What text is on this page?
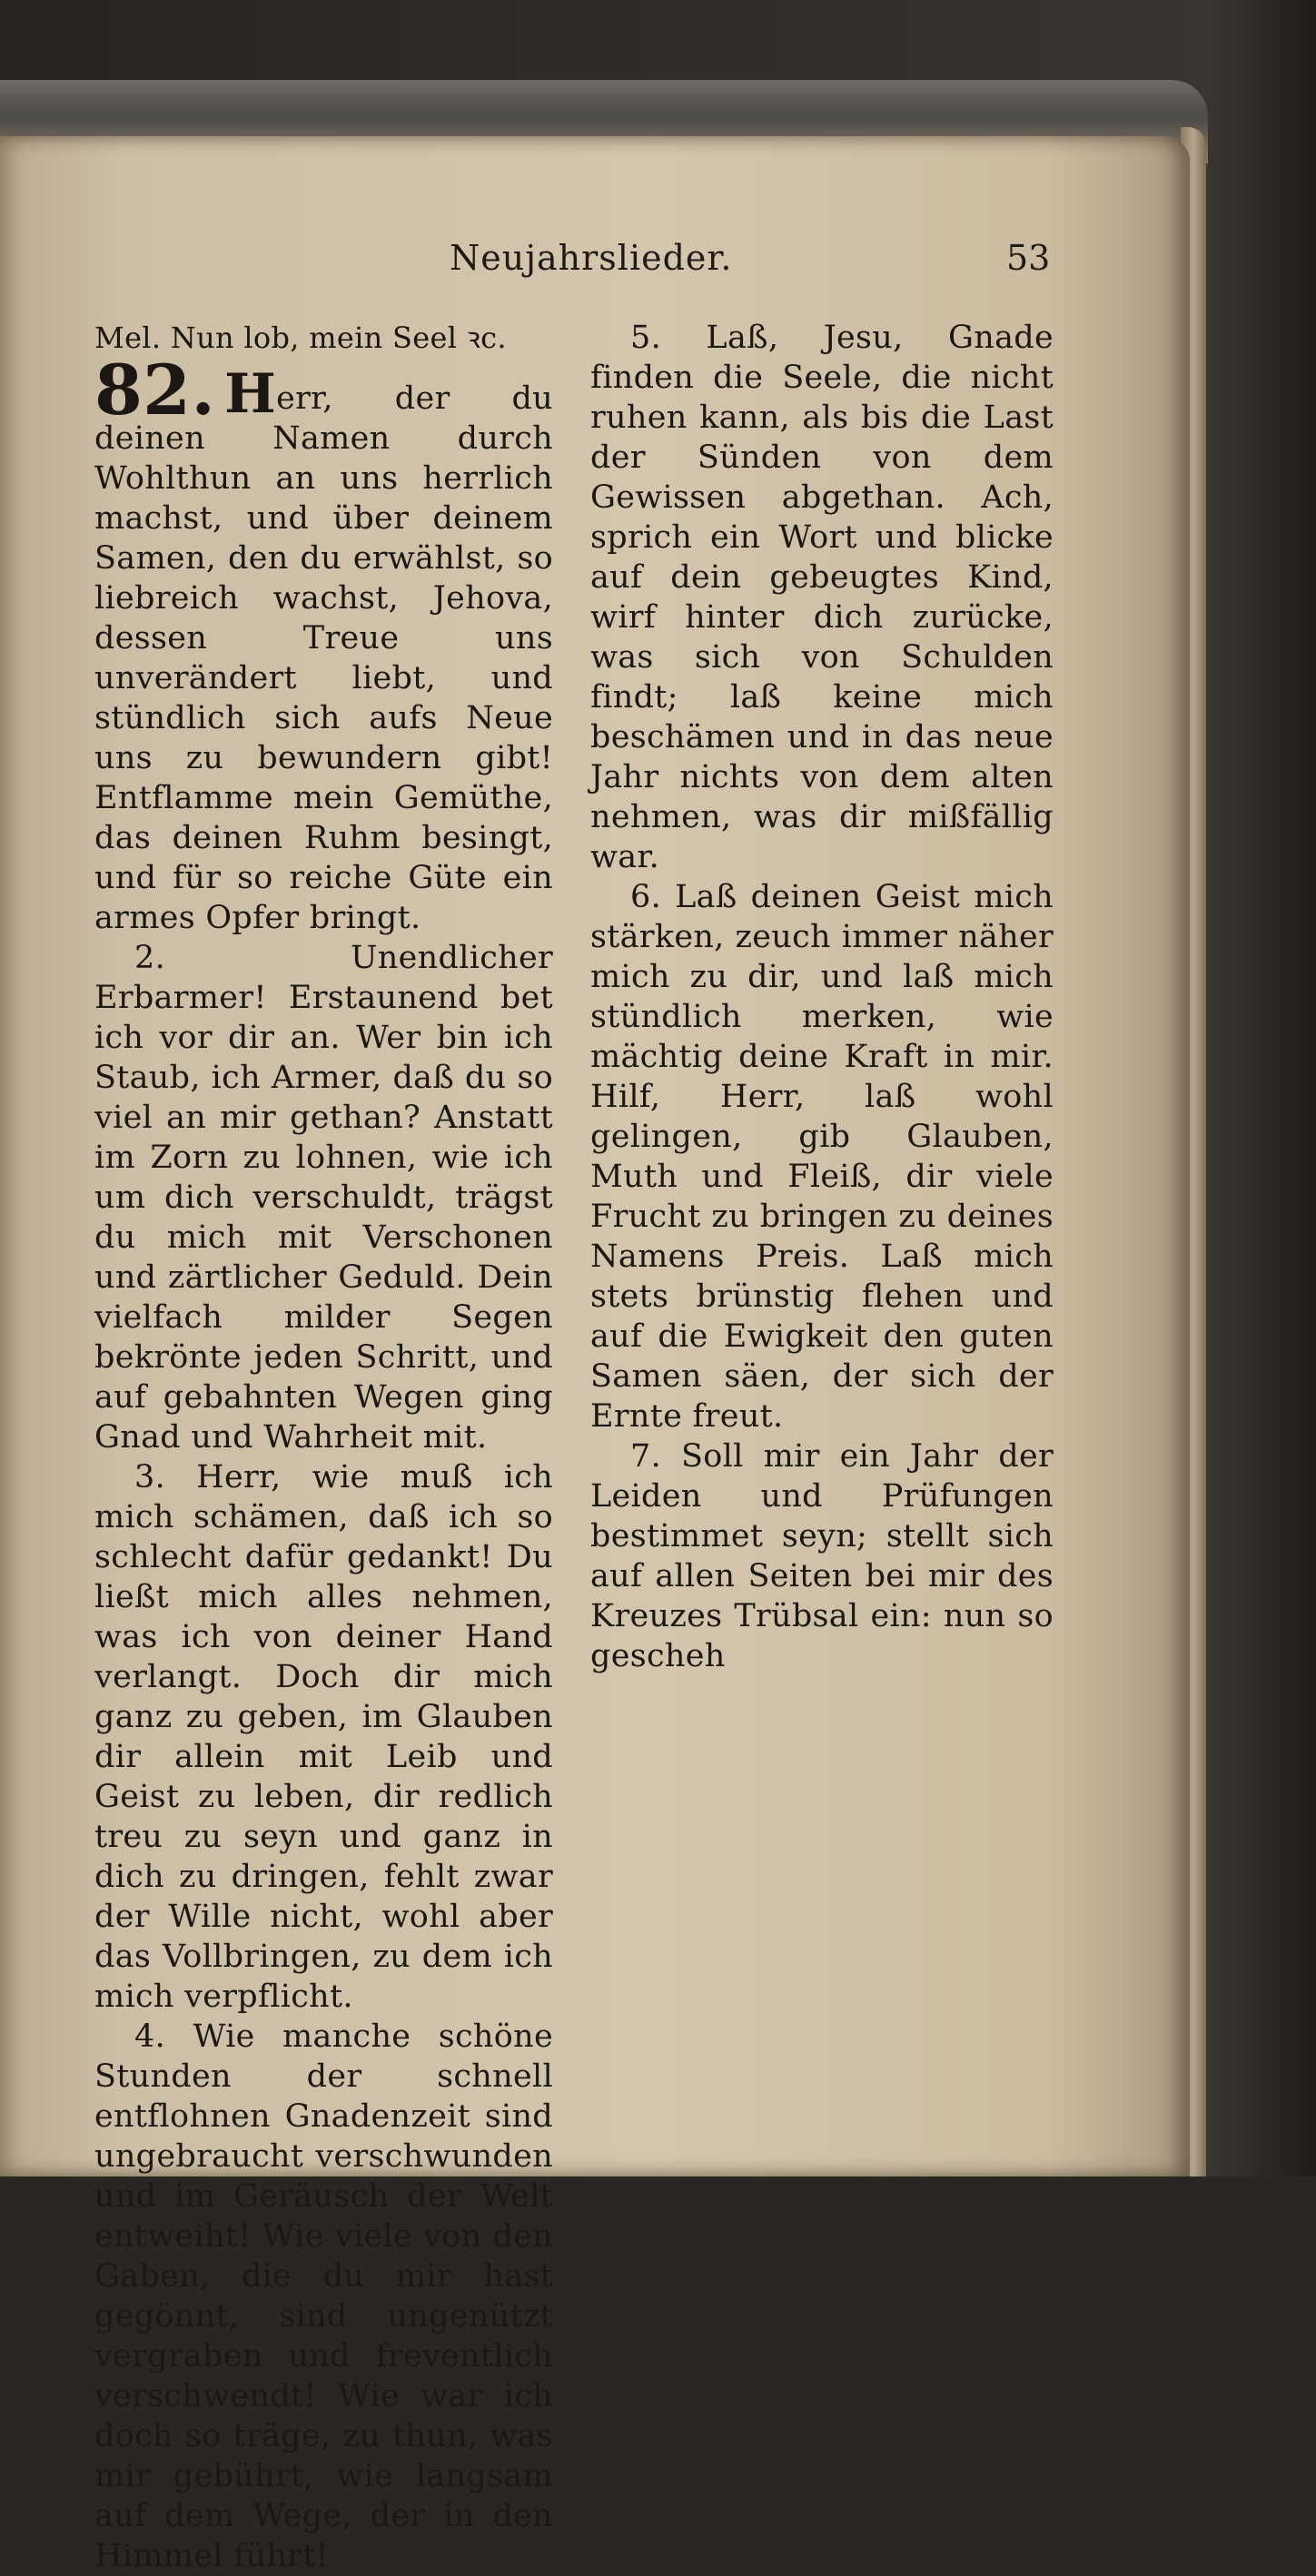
Neujahrslieder.	53

Mel. Nun lob, mein Seel ꝛc.

82. Herr, der du deinen Namen durch Wohlthun an uns herrlich machst, und über deinem Samen, den du erwählst, so liebreich wachst, Jehova, dessen Treue uns unverändert liebt, und stündlich sich aufs Neue uns zu bewundern gibt! Entflamme mein Gemüthe, das deinen Ruhm besingt, und für so reiche Güte ein armes Opfer bringt.

2. Unendlicher Erbarmer! Erstaunend bet ich vor dir an. Wer bin ich Staub, ich Armer, daß du so viel an mir gethan? Anstatt im Zorn zu lohnen, wie ich um dich verschuldt, trägst du mich mit Verschonen und zärtlicher Geduld. Dein vielfach milder Segen bekrönte jeden Schritt, und auf gebahnten Wegen ging Gnad und Wahrheit mit.

3. Herr, wie muß ich mich schämen, daß ich so schlecht dafür gedankt! Du ließt mich alles nehmen, was ich von deiner Hand verlangt. Doch dir mich ganz zu geben, im Glauben dir allein mit Leib und Geist zu leben, dir redlich treu zu seyn und ganz in dich zu dringen, fehlt zwar der Wille nicht, wohl aber das Vollbringen, zu dem ich mich verpflicht.

4. Wie manche schöne Stunden der schnell entflohnen Gnadenzeit sind ungebraucht verschwunden und im Geräusch der Welt entweiht! Wie viele von den Gaben, die du mir hast gegönnt, sind ungenützt vergraben und freventlich verschwendt! Wie war ich doch so träge, zu thun, was mir gebührt, wie langsam auf dem Wege, der in den Himmel führt!

5. Laß, Jesu, Gnade finden die Seele, die nicht ruhen kann, als bis die Last der Sünden von dem Gewissen abgethan. Ach, sprich ein Wort und blicke auf dein gebeugtes Kind, wirf hinter dich zurücke, was sich von Schulden findt; laß keine mich beschämen und in das neue Jahr nichts von dem alten nehmen, was dir mißfällig war.

6. Laß deinen Geist mich stärken, zeuch immer näher mich zu dir, und laß mich stündlich merken, wie mächtig deine Kraft in mir. Hilf, Herr, laß wohl gelingen, gib Glauben, Muth und Fleiß, dir viele Frucht zu bringen zu deines Namens Preis. Laß mich stets brünstig flehen und auf die Ewigkeit den guten Samen säen, der sich der Ernte freut.

7. Soll mir ein Jahr der Leiden und Prüfungen bestimmet seyn; stellt sich auf allen Seiten bei mir des Kreuzes Trübsal ein: nun so gescheh
